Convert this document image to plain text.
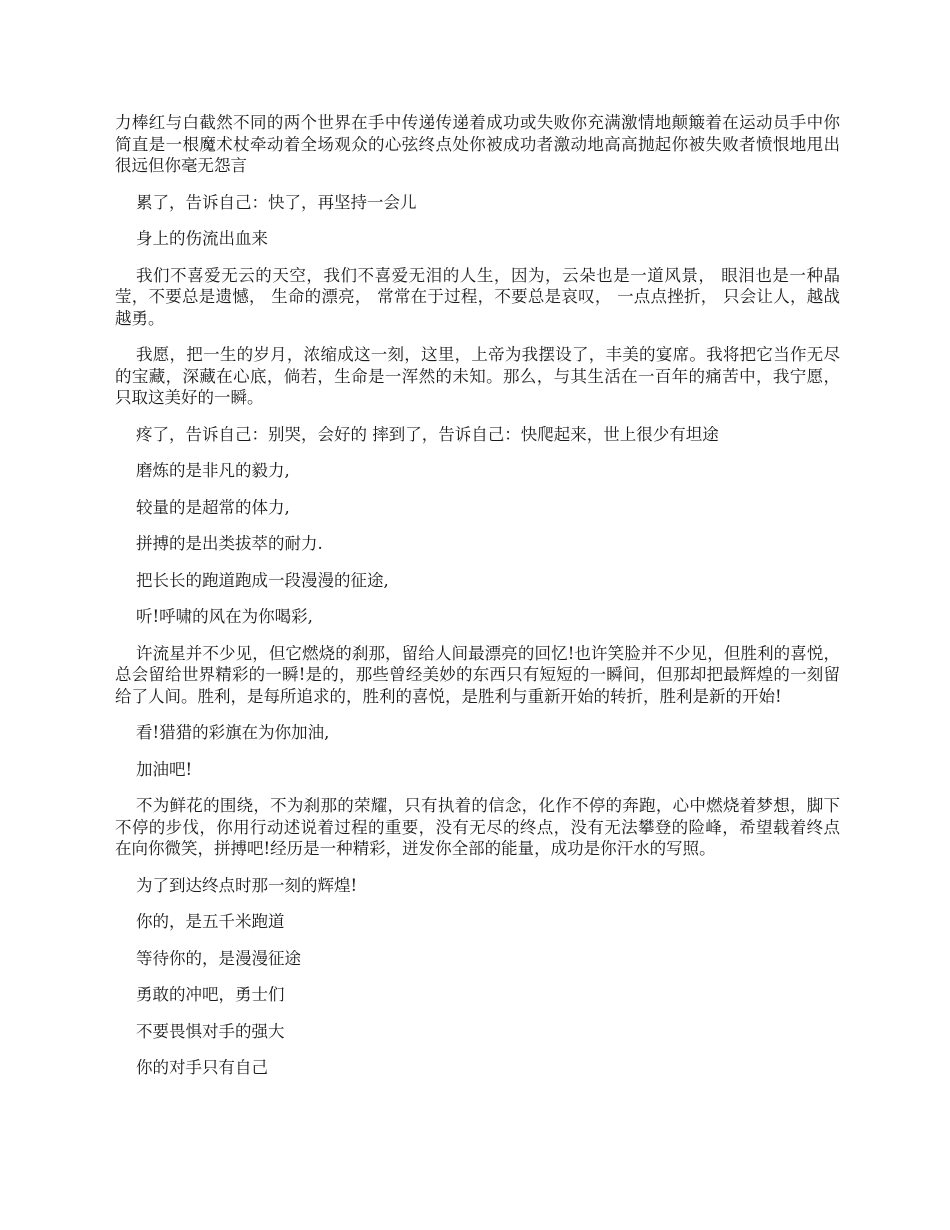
力棒红与白截然不同的两个世界在手中传递传递着成功或失败你充满激情地颠簸着在运动员手中你简直是一根魔术杖牵动着全场观众的心弦终点处你被成功者激动地高高抛起你被失败者愤恨地甩出很远但你毫无怨言

累了，告诉自己：快了，再坚持一会儿

身上的伤流出血来

我们不喜爱无云的天空，我们不喜爱无泪的人生，因为，云朵也是一道风景， 眼泪也是一种晶莹，不要总是遗憾， 生命的漂亮， 常常在于过程，不要总是哀叹， 一点点挫折， 只会让人，越战越勇。

我愿，把一生的岁月，浓缩成这一刻，这里，上帝为我摆设了，丰美的宴席。我将把它当作无尽的宝藏，深藏在心底，倘若，生命是一浑然的未知。那么，与其生活在一百年的痛苦中，我宁愿，只取这美好的一瞬。

疼了，告诉自己：别哭，会好的 摔到了，告诉自己：快爬起来，世上很少有坦途

磨炼的是非凡的毅力,

较量的是超常的体力,

拼搏的是出类拔萃的耐力.

把长长的跑道跑成一段漫漫的征途,

听!呼啸的风在为你喝彩,

许流星并不少见，但它燃烧的刹那，留给人间最漂亮的回忆!也许笑脸并不少见，但胜利的喜悦，总会留给世界精彩的一瞬!是的，那些曾经美妙的东西只有短短的一瞬间，但那却把最辉煌的一刻留给了人间。胜利，是每所追求的，胜利的喜悦，是胜利与重新开始的转折，胜利是新的开始!

看!猎猎的彩旗在为你加油,

加油吧!

不为鲜花的围绕，不为刹那的荣耀，只有执着的信念，化作不停的奔跑，心中燃烧着梦想，脚下不停的步伐，你用行动述说着过程的重要，没有无尽的终点，没有无法攀登的险峰，希望载着终点在向你微笑，拼搏吧!经历是一种精彩，迸发你全部的能量，成功是你汗水的写照。

为了到达终点时那一刻的辉煌!

你的，是五千米跑道

等待你的，是漫漫征途

勇敢的冲吧，勇士们

不要畏惧对手的强大

你的对手只有自己
